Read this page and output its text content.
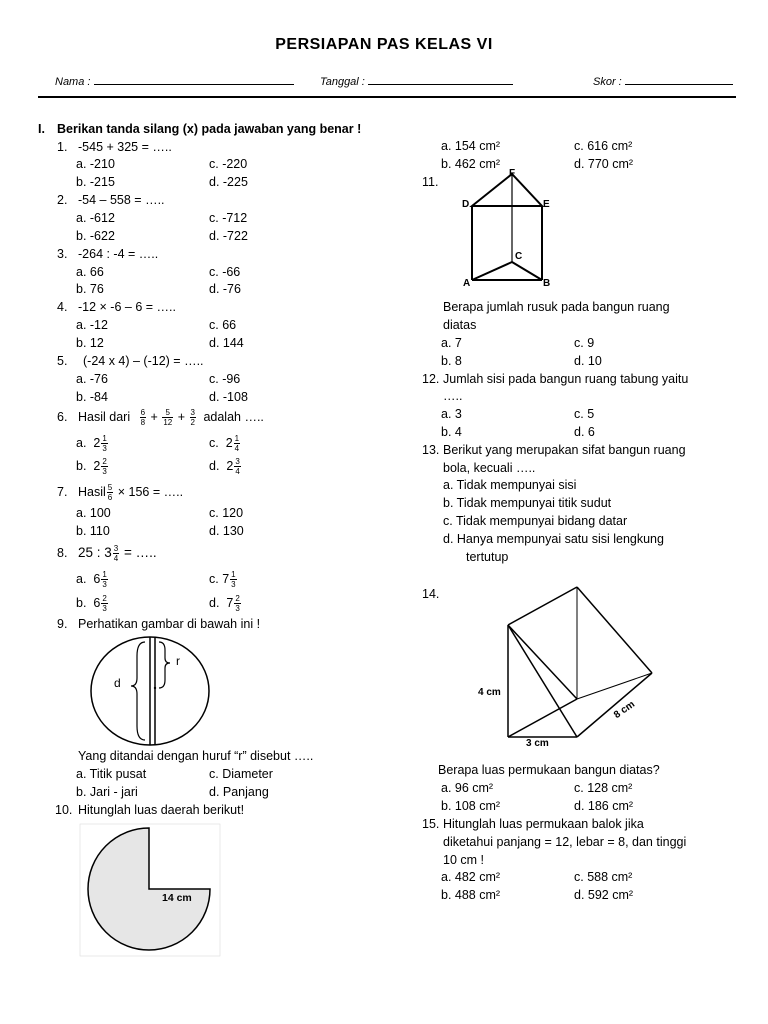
PERSIAPAN PAS KELAS VI
Nama :	Tanggal :	Skor :
I. Berikan tanda silang (x) pada jawaban yang benar !
1. -545 + 325 = …..
a. -210	c. -220
b. -215	d. -225
2. -54 – 558 = …..
a. -612	c. -712
b. -622	d. -722
3. -264 : -4 = …..
a. 66	c. -66
b. 76	d. -76
4. -12 × -6 – 6 = …..
a. -12	c. 66
b. 12	d. 144
5. (-24 x 4) – (-12) = …..
a. -76	c. -96
b. -84	d. -108
6. Hasil dari $\frac{6}{8} + \frac{5}{12} + \frac{3}{2}$ adalah …..
a. $2 \frac{1}{3}$	c. $2 \frac{1}{4}$
b. $2 \frac{2}{3}$	d. $2 \frac{3}{4}$
7. Hasil $\frac{5}{6} \times 156$ = …..
a. 100	c. 120
b. 110	d. 130
8. 25 : $3 \frac{3}{4}$ = …..
a. $6 \frac{1}{3}$	c. $7 \frac{1}{3}$
b. $6 \frac{2}{3}$	d. $7 \frac{2}{3}$
9. Perhatikan gambar di bawah ini !
r
d
Yang ditandai dengan huruf “r” disebut …..
a. Titik pusat	c. Diameter
b. Jari - jari	d. Panjang
10. Hitunglah luas daerah berikut!
14 cm
a. 154 cm²	c. 616 cm²
b. 462 cm²	d. 770 cm²
11.
F
D	E
C
A	B
Berapa jumlah rusuk pada bangun ruang
diatas
a. 7	c. 9
b. 8	d. 10
12. Jumlah sisi pada bangun ruang tabung yaitu
…..
a. 3	c. 5
b. 4	d. 6
13. Berikut yang merupakan sifat bangun ruang
bola, kecuali …..
a. Tidak mempunyai sisi
b. Tidak mempunyai titik sudut
c. Tidak mempunyai bidang datar
d. Hanya mempunyai satu sisi lengkung
tertutup
14.
4 cm
3 cm
8 cm
Berapa luas permukaan bangun diatas?
a. 96 cm²	c. 128 cm²
b. 108 cm²	d. 186 cm²
15. Hitunglah luas permukaan balok jika
diketahui panjang = 12, lebar = 8, dan tinggi
10 cm !
a. 482 cm²	c. 588 cm²
b. 488 cm²	d. 592 cm²
